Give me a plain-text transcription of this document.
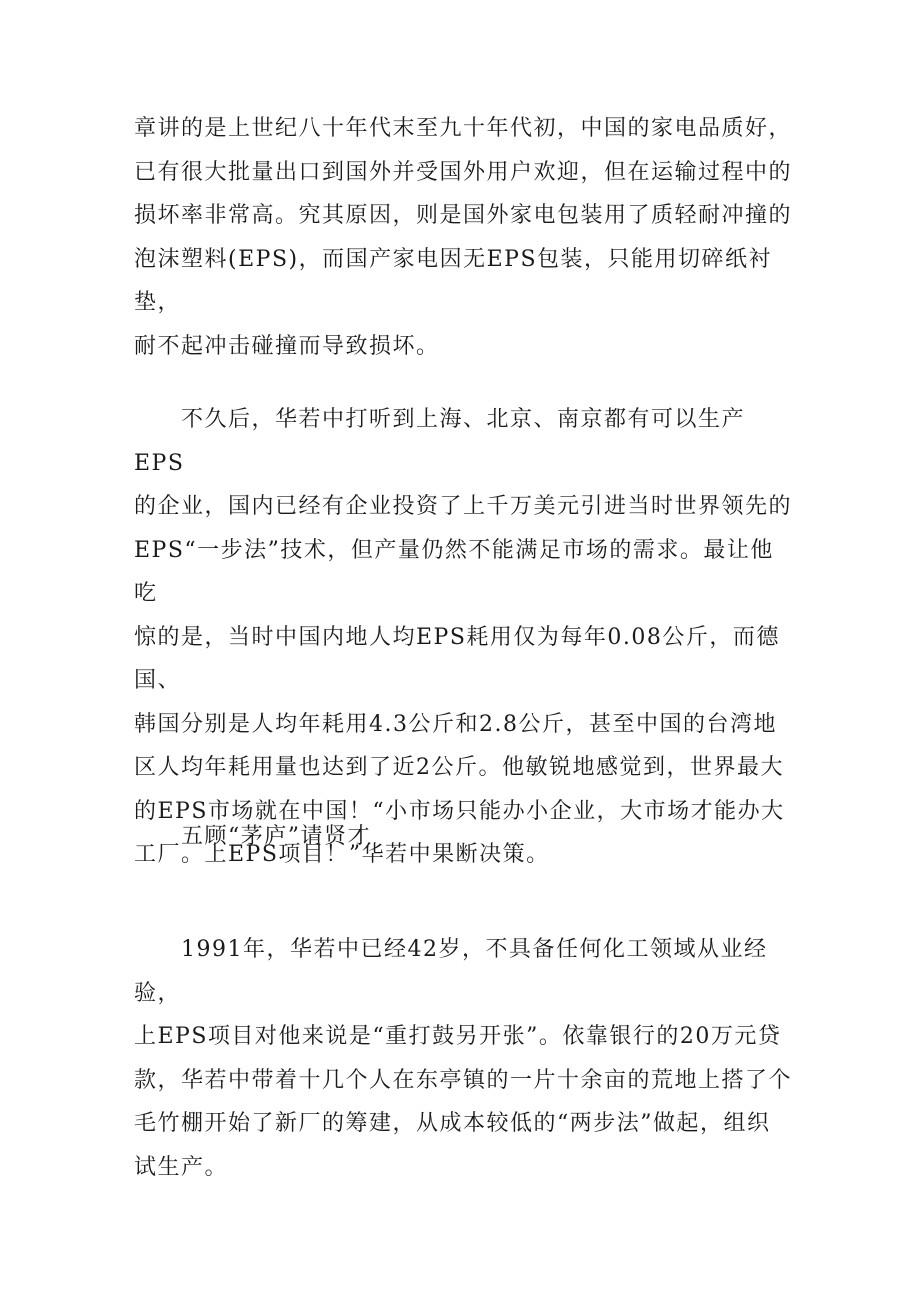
章讲的是上世纪八十年代末至九十年代初，中国的家电品质好，
已有很大批量出口到国外并受国外用户欢迎，但在运输过程中的
损坏率非常高。究其原因，则是国外家电包装用了质轻耐冲撞的
泡沫塑料(EPS)，而国产家电因无EPS包装，只能用切碎纸衬垫，
耐不起冲击碰撞而导致损坏。

　　不久后，华若中打听到上海、北京、南京都有可以生产EPS
的企业，国内已经有企业投资了上千万美元引进当时世界领先的
EPS“一步法”技术，但产量仍然不能满足市场的需求。最让他吃
惊的是，当时中国内地人均EPS耗用仅为每年0.08公斤，而德国、
韩国分别是人均年耗用4.3公斤和2.8公斤，甚至中国的台湾地
区人均年耗用量也达到了近2公斤。他敏锐地感觉到，世界最大
的EPS市场就在中国！“小市场只能办小企业，大市场才能办大
工厂。上EPS项目！”华若中果断决策。

　　五顾“茅庐”请贤才

　　1991年，华若中已经42岁，不具备任何化工领域从业经验，
上EPS项目对他来说是“重打鼓另开张”。依靠银行的20万元贷
款，华若中带着十几个人在东亭镇的一片十余亩的荒地上搭了个
毛竹棚开始了新厂的筹建，从成本较低的“两步法”做起，组织
试生产。
